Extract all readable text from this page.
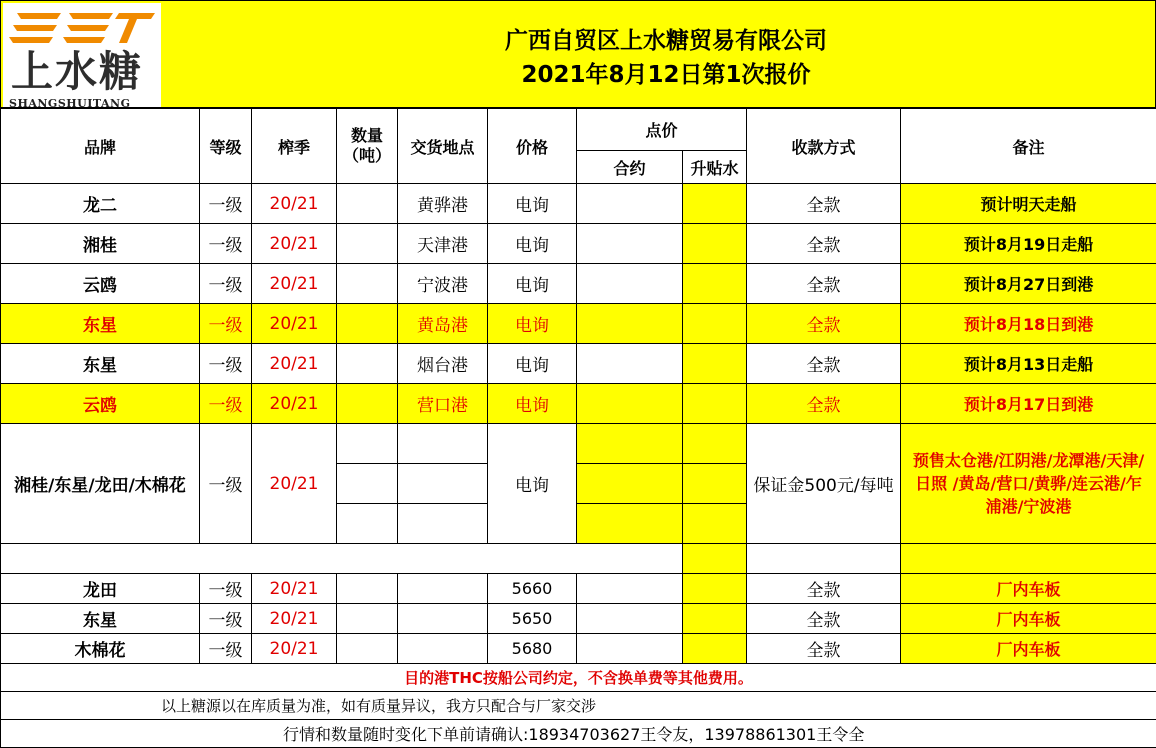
上水糖
SHANGSHUITANG
广西自贸区上水糖贸易有限公司
2021年8月12日第1次报价
品牌	等级	榨季	数量（吨）	交货地点	价格	点价		收款方式	备注
						合约	升贴水		
龙二	一级	20/21		黄骅港	电询			全款	预计明天走船
湘桂	一级	20/21		天津港	电询			全款	预计8月19日走船
云鸥	一级	20/21		宁波港	电询			全款	预计8月27日到港
东星	一级	20/21		黄岛港	电询			全款	预计8月18日到港
东星	一级	20/21		烟台港	电询			全款	预计8月13日走船
云鸥	一级	20/21		营口港	电询			全款	预计8月17日到港
湘桂/东星/龙田/木棉花	一级	20/21			电询			保证金500元/每吨	预售太仓港/江阴港/龙潭港/天津/日照 /黄岛/营口/黄骅/连云港/乍浦港/宁波港

龙田	一级	20/21			5660			全款	厂内车板
东星	一级	20/21			5650			全款	厂内车板
木棉花	一级	20/21			5680			全款	厂内车板
目的港THC按船公司约定，不含换单费等其他费用。									
以上糖源以在库质量为准，如有质量异议，我方只配合与厂家交涉									
行情和数量随时变化下单前请确认:18934703627王令友，13978861301王令全									
